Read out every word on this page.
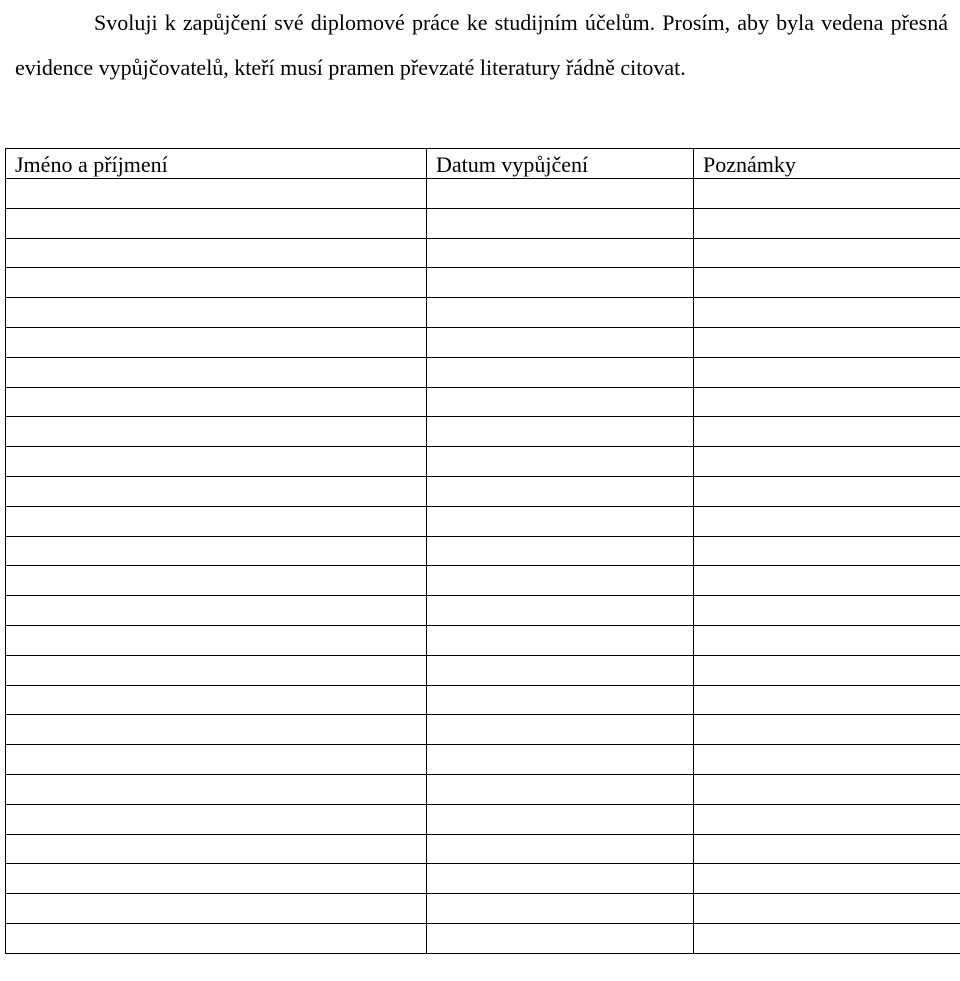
Svoluji k zapůjčení své diplomové práce ke studijním účelům. Prosím, aby byla vedena přesná evidence vypůjčovatelů, kteří musí pramen převzaté literatury řádně citovat.

Jméno a příjmení	Datum vypůjčení	Poznámky
